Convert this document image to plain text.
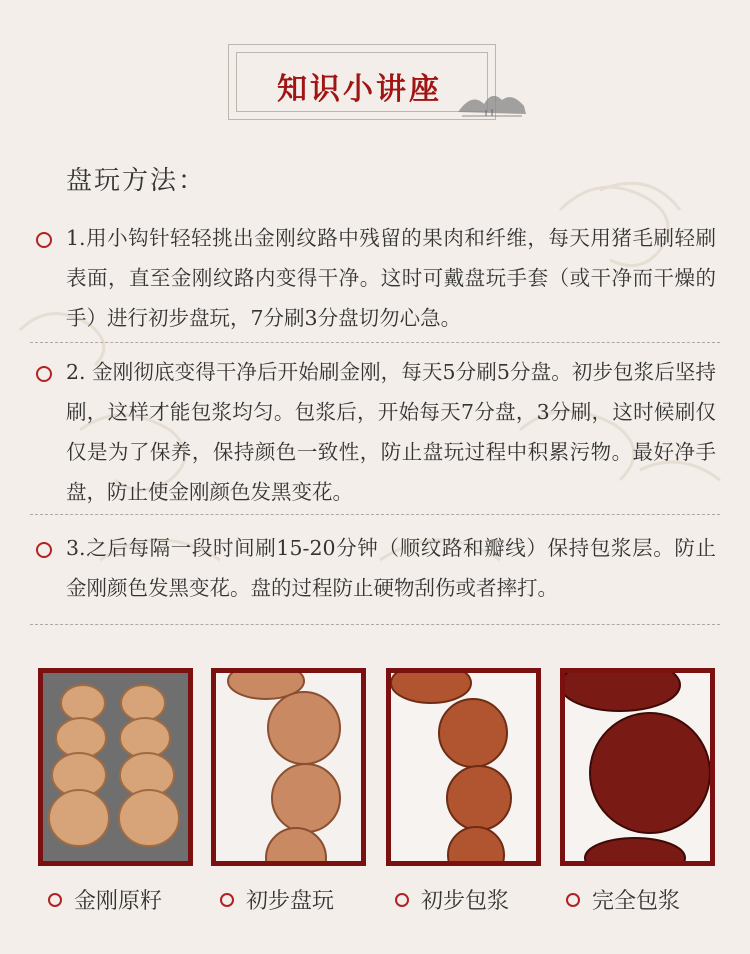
知识小讲座
盘玩方法：
1.用小钩针轻轻挑出金刚纹路中残留的果肉和纤维，每天用猪毛刷轻刷表面，直至金刚纹路内变得干净。这时可戴盘玩手套（或干净而干燥的手）进行初步盘玩，7分刷3分盘切勿心急。
2. 金刚彻底变得干净后开始刷金刚，每天5分刷5分盘。初步包浆后坚持刷，这样才能包浆均匀。包浆后，开始每天7分盘，3分刷，这时候刷仅仅是为了保养，保持颜色一致性，防止盘玩过程中积累污物。最好净手盘，防止使金刚颜色发黑变花。
3.之后每隔一段时间刷15-20分钟（顺纹路和瓣线）保持包浆层。防止金刚颜色发黑变花。盘的过程防止硬物刮伤或者摔打。
金刚原籽	初步盘玩	初步包浆	完全包浆
